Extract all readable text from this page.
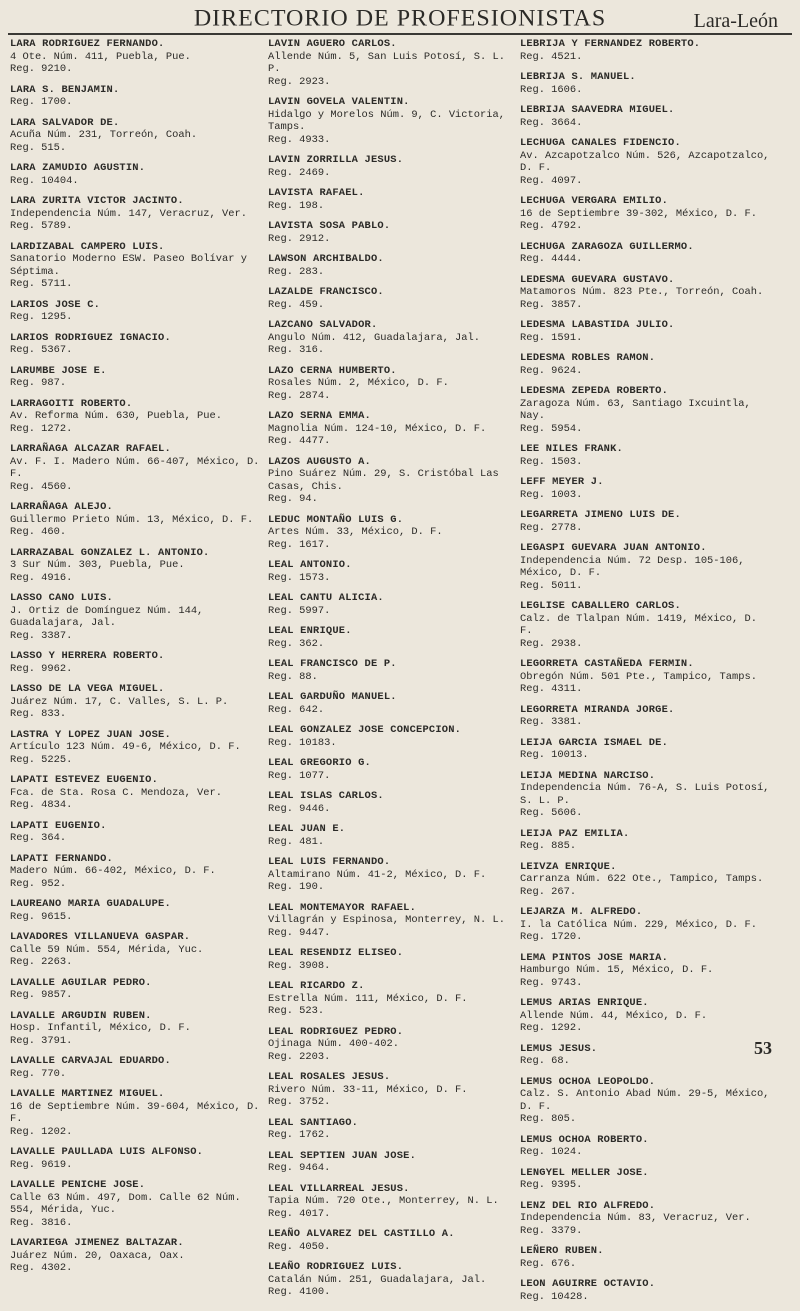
DIRECTORIO DE PROFESIONISTAS	Lara-León
LARA RODRIGUEZ FERNANDO.
4 Ote. Núm. 411, Puebla, Pue.
Reg. 9210.
LARA S. BENJAMIN.
Reg. 1700.
LARA SALVADOR DE.
Acuña Núm. 231, Torreón, Coah.
Reg. 515.
LARA ZAMUDIO AGUSTIN.
Reg. 10404.
LARA ZURITA VICTOR JACINTO.
Independencia Núm. 147, Veracruz, Ver.
Reg. 5789.
LARDIZABAL CAMPERO LUIS.
Sanatorio Moderno ESW. Paseo Bolívar y Séptima.
Reg. 5711.
LARIOS JOSE C.
Reg. 1295.
LARIOS RODRIGUEZ IGNACIO.
Reg. 5367.
LARUMBE JOSE E.
Reg. 987.
LARRAGOITI ROBERTO.
Av. Reforma Núm. 630, Puebla, Pue.
Reg. 1272.
LARRAÑAGA ALCAZAR RAFAEL.
Av. F. I. Madero Núm. 66-407, México, D. F.
Reg. 4560.
LARRAÑAGA ALEJO.
Guillermo Prieto Núm. 13, México, D. F.
Reg. 460.
LARRAZABAL GONZALEZ L. ANTONIO.
3 Sur Núm. 303, Puebla, Pue.
Reg. 4916.
LASSO CANO LUIS.
J. Ortiz de Domínguez Núm. 144, Guadalajara, Jal.
Reg. 3387.
LASSO Y HERRERA ROBERTO.
Reg. 9962.
LASSO DE LA VEGA MIGUEL.
Juárez Núm. 17, C. Valles, S. L. P.
Reg. 833.
LASTRA Y LOPEZ JUAN JOSE.
Artículo 123 Núm. 49-6, México, D. F.
Reg. 5225.
LAPATI ESTEVEZ EUGENIO.
Fca. de Sta. Rosa C. Mendoza, Ver.
Reg. 4834.
LAPATI EUGENIO.
Reg. 364.
LAPATI FERNANDO.
Madero Núm. 66-402, México, D. F.
Reg. 952.
LAUREANO MARIA GUADALUPE.
Reg. 9615.
LAVADORES VILLANUEVA GASPAR.
Calle 59 Núm. 554, Mérida, Yuc.
Reg. 2263.
LAVALLE AGUILAR PEDRO.
Reg. 9857.
LAVALLE ARGUDIN RUBEN.
Hosp. Infantil, México, D. F.
Reg. 3791.
LAVALLE CARVAJAL EDUARDO.
Reg. 770.
LAVALLE MARTINEZ MIGUEL.
16 de Septiembre Núm. 39-604, México, D. F.
Reg. 1202.
LAVALLE PAULLADA LUIS ALFONSO.
Reg. 9619.
LAVALLE PENICHE JOSE.
Calle 63 Núm. 497, Dom. Calle 62 Núm. 554, Mérida, Yuc.
Reg. 3816.
LAVARIEGA JIMENEZ BALTAZAR.
Juárez Núm. 20, Oaxaca, Oax.
Reg. 4302.
LAVIN AGUERO CARLOS.
Allende Núm. 5, San Luis Potosí, S. L. P.
Reg. 2923.
LAVIN GOVELA VALENTIN.
Hidalgo y Morelos Núm. 9, C. Victoria, Tamps.
Reg. 4933.
LAVIN ZORRILLA JESUS.
Reg. 2469.
LAVISTA RAFAEL.
Reg. 198.
LAVISTA SOSA PABLO.
Reg. 2912.
LAWSON ARCHIBALDO.
Reg. 283.
LAZALDE FRANCISCO.
Reg. 459.
LAZCANO SALVADOR.
Angulo Núm. 412, Guadalajara, Jal.
Reg. 316.
LAZO CERNA HUMBERTO.
Rosales Núm. 2, México, D. F.
Reg. 2874.
LAZO SERNA EMMA.
Magnolia Núm. 124-10, México, D. F.
Reg. 4477.
LAZOS AUGUSTO A.
Pino Suárez Núm. 29, S. Cristóbal Las Casas, Chis.
Reg. 94.
LEDUC MONTAÑO LUIS G.
Artes Núm. 33, México, D. F.
Reg. 1617.
LEAL ANTONIO.
Reg. 1573.
LEAL CANTU ALICIA.
Reg. 5997.
LEAL ENRIQUE.
Reg. 362.
LEAL FRANCISCO DE P.
Reg. 88.
LEAL GARDUÑO MANUEL.
Reg. 642.
LEAL GONZALEZ JOSE CONCEPCION.
Reg. 10183.
LEAL GREGORIO G.
Reg. 1077.
LEAL ISLAS CARLOS.
Reg. 9446.
LEAL JUAN E.
Reg. 481.
LEAL LUIS FERNANDO.
Altamirano Núm. 41-2, México, D. F.
Reg. 190.
LEAL MONTEMAYOR RAFAEL.
Villagrán y Espinosa, Monterrey, N. L.
Reg. 9447.
LEAL RESENDIZ ELISEO.
Reg. 3908.
LEAL RICARDO Z.
Estrella Núm. 111, México, D. F.
Reg. 523.
LEAL RODRIGUEZ PEDRO.
Ojinaga Núm. 400-402.
Reg. 2203.
LEAL ROSALES JESUS.
Rivero Núm. 33-11, México, D. F.
Reg. 3752.
LEAL SANTIAGO.
Reg. 1762.
LEAL SEPTIEN JUAN JOSE.
Reg. 9464.
LEAL VILLARREAL JESUS.
Tapia Núm. 720 Ote., Monterrey, N. L.
Reg. 4017.
LEAÑO ALVAREZ DEL CASTILLO A.
Reg. 4050.
LEAÑO RODRIGUEZ LUIS.
Catalán Núm. 251, Guadalajara, Jal.
Reg. 4100.
LEBRIJA Y FERNANDEZ ROBERTO.
Reg. 4521.
LEBRIJA S. MANUEL.
Reg. 1606.
LEBRIJA SAAVEDRA MIGUEL.
Reg. 3664.
LECHUGA CANALES FIDENCIO.
Av. Azcapotzalco Núm. 526, Azcapotzalco, D. F.
Reg. 4097.
LECHUGA VERGARA EMILIO.
16 de Septiembre 39-302, México, D. F.
Reg. 4792.
LECHUGA ZARAGOZA GUILLERMO.
Reg. 4444.
LEDESMA GUEVARA GUSTAVO.
Matamoros Núm. 823 Pte., Torreón, Coah.
Reg. 3857.
LEDESMA LABASTIDA JULIO.
Reg. 1591.
LEDESMA ROBLES RAMON.
Reg. 9624.
LEDESMA ZEPEDA ROBERTO.
Zaragoza Núm. 63, Santiago Ixcuintla, Nay.
Reg. 5954.
LEE NILES FRANK.
Reg. 1503.
LEFF MEYER J.
Reg. 1003.
LEGARRETA JIMENO LUIS DE.
Reg. 2778.
LEGASPI GUEVARA JUAN ANTONIO.
Independencia Núm. 72 Desp. 105-106, México, D. F.
Reg. 5011.
LEGLISE CABALLERO CARLOS.
Calz. de Tlalpan Núm. 1419, México, D. F.
Reg. 2938.
LEGORRETA CASTAÑEDA FERMIN.
Obregón Núm. 501 Pte., Tampico, Tamps.
Reg. 4311.
LEGORRETA MIRANDA JORGE.
Reg. 3381.
LEIJA GARCIA ISMAEL DE.
Reg. 10013.
LEIJA MEDINA NARCISO.
Independencia Núm. 76-A, S. Luis Potosí, S. L. P.
Reg. 5606.
LEIJA PAZ EMILIA.
Reg. 885.
LEIVZA ENRIQUE.
Carranza Núm. 622 Ote., Tampico, Tamps.
Reg. 267.
LEJARZA M. ALFREDO.
I. la Católica Núm. 229, México, D. F.
Reg. 1720.
LEMA PINTOS JOSE MARIA.
Hamburgo Núm. 15, México, D. F.
Reg. 9743.
LEMUS ARIAS ENRIQUE.
Allende Núm. 44, México, D. F.
Reg. 1292.
LEMUS JESUS.
Reg. 68.
LEMUS OCHOA LEOPOLDO.
Calz. S. Antonio Abad Núm. 29-5, México, D. F.
Reg. 805.
LEMUS OCHOA ROBERTO.
Reg. 1024.
LENGYEL MELLER JOSE.
Reg. 9395.
LENZ DEL RIO ALFREDO.
Independencia Núm. 83, Veracruz, Ver.
Reg. 3379.
LEÑERO RUBEN.
Reg. 676.
LEON AGUIRRE OCTAVIO.
Reg. 10428.
53
